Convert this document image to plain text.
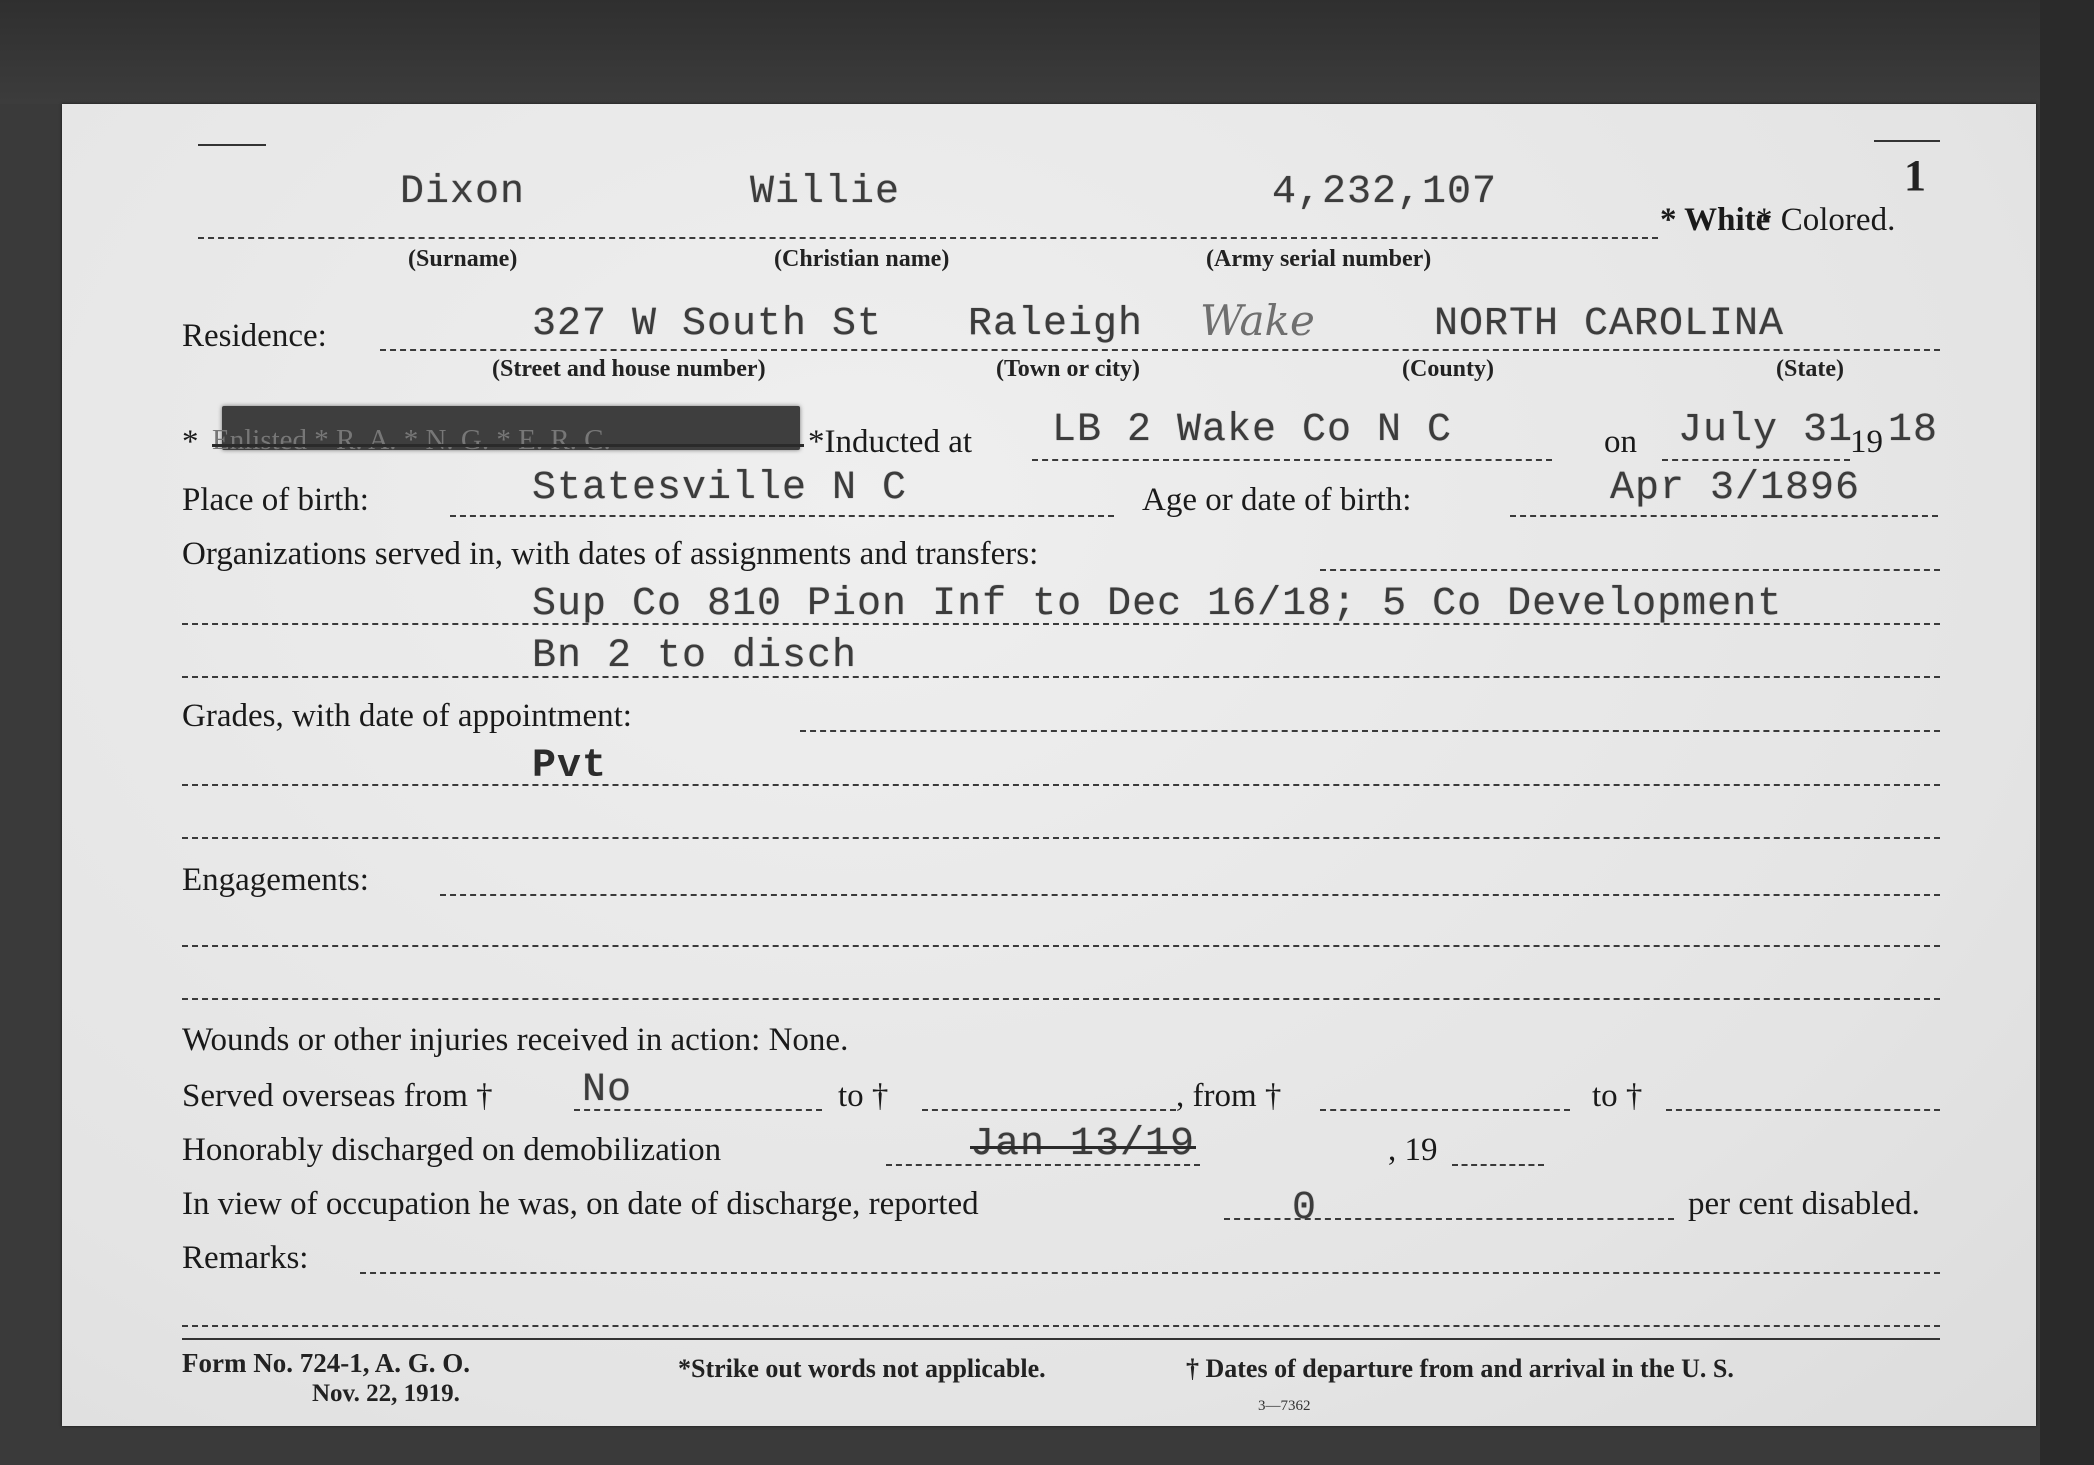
1
Dixon	Willie	4,232,107
* White
* Colored.
(Surname)	(Christian name)	(Army serial number)
Residence:	327 W South St Raleigh Wake	NORTH CAROLINA
(Street and house number)	(Town or city)	(County)	(State)
* Enlisted * R. A. * N. G. * E. R. C.	*Inducted at LB 2 Wake Co N C	on July 31
19 18
Place of birth:	Statesville N C	Age or date of birth:	Apr 3/1896
Organizations served in, with dates of assignments and transfers:
Sup Co 810 Pion Inf to Dec 16/18; 5 Co Development
Bn 2 to disch
Grades, with date of appointment:
Pvt
Engagements:
Wounds or other injuries received in action: None.
Served overseas from † No	to †	, from †	to †
Honorably discharged on demobilization	Jan 13/19	, 19
In view of occupation he was, on date of discharge, reported	0	per cent disabled.
Remarks:
Form No. 724-1, A. G. O.
Nov. 22, 1919.
*Strike out words not applicable.	† Dates of departure from and arrival in the U. S.
3—7362
